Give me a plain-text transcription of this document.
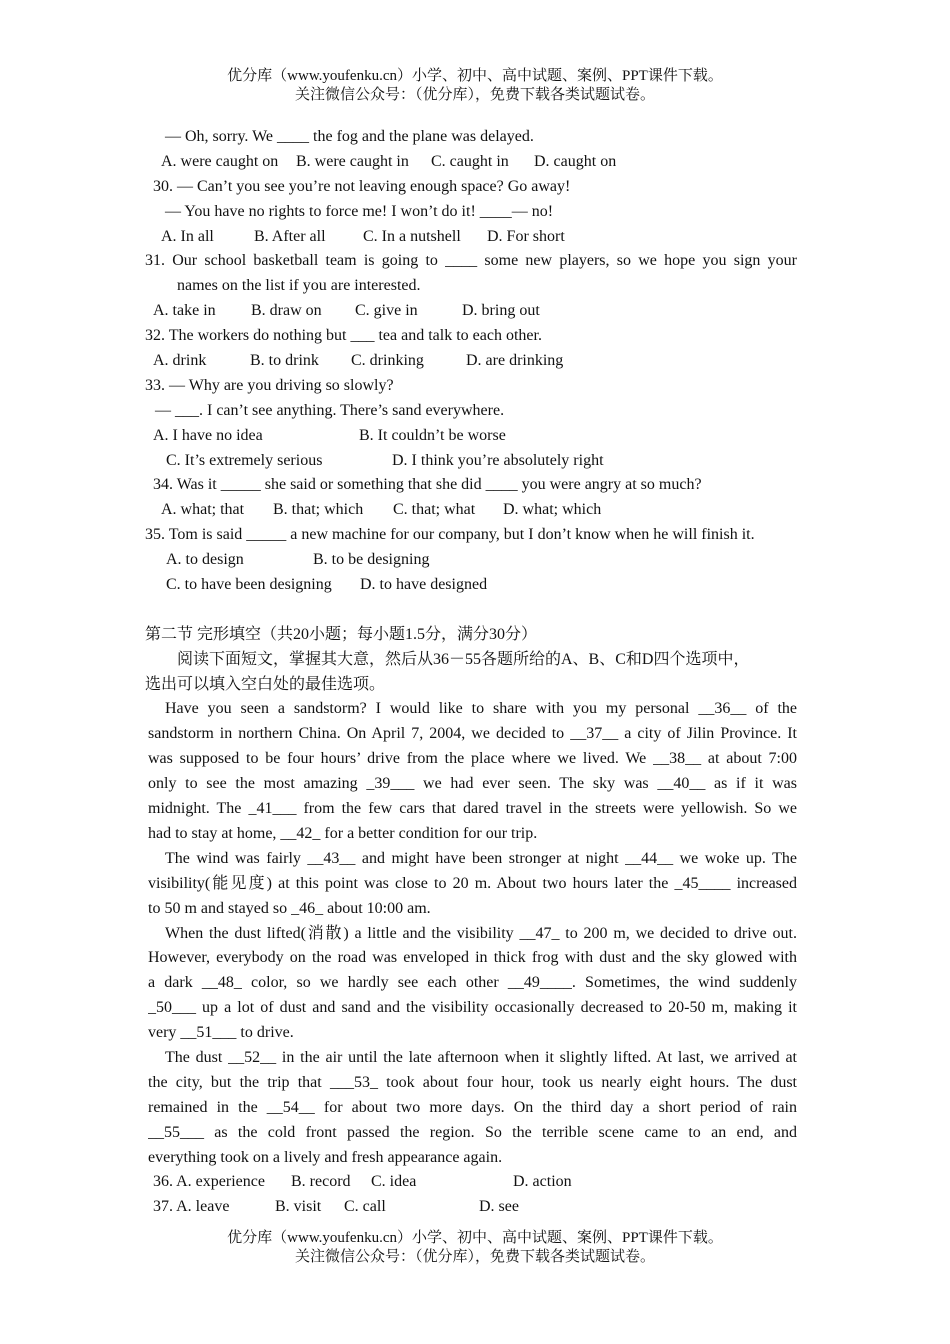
优分库（www.youfenku.cn）小学、初中、高中试题、案例、PPT课件下载。
关注微信公众号：（优分库），免费下载各类试题试卷。
— Oh, sorry. We ____ the fog and the plane was delayed.
A. were caught on B. were caught in C. caught in D. caught on
30. — Can’t you see you’re not leaving enough space? Go away!
— You have no rights to force me! I won’t do it! ____— no!
A. In all	B. After all C. In a nutshell D. For short
31. Our school basketball team is going to ____ some new players, so we hope you sign your
names on the list if you are interested.
A. take in B. draw on C. give in	D. bring out
32. The workers do nothing but ___ tea and talk to each other.
A. drink	B. to drink C. drinking	D. are drinking
33. — Why are you driving so slowly?
— ___. I can’t see anything. There’s sand everywhere.
A. I have no idea	B. It couldn’t be worse
C. It’s extremely serious	D. I think you’re absolutely right
34. Was it _____ she said or something that she did ____ you were angry at so much?
A. what; that B. that; which C. that; what D. what; which
35. Tom is said _____ a new machine for our company, but I don’t know when he will finish it.
A. to design	B. to be designing
C. to have been designing D. to have designed
第二节 完形填空（共20小题；每小题1.5分，满分30分）
阅读下面短文，掌握其大意，然后从36－55各题所给的A、B、C和D四个选项中，
选出可以填入空白处的最佳选项。
Have you seen a sandstorm? I would like to share with you my personal __36__ of the
sandstorm in northern China. On April 7, 2004, we decided to __37__ a city of Jilin Province. It
was supposed to be four hours’ drive from the place where we lived. We __38__ at about 7:00
only to see the most amazing _39___ we had ever seen. The sky was __40__ as if it was
midnight. The _41___ from the few cars that dared travel in the streets were yellowish. So we
had to stay at home, __42_ for a better condition for our trip.
The wind was fairly __43__ and might have been stronger at night __44__ we woke up. The
visibility(能见度) at this point was close to 20 m. About two hours later the _45____ increased
to 50 m and stayed so _46_ about 10:00 am.
When the dust lifted(消散) a little and the visibility __47_ to 200 m, we decided to drive out.
However, everybody on the road was enveloped in thick frog with dust and the sky glowed with
a dark __48_ color, so we hardly see each other __49____. Sometimes, the wind suddenly
_50___ up a lot of dust and sand and the visibility occasionally decreased to 20-50 m, making it
very __51___ to drive.
The dust __52__ in the air until the late afternoon when it slightly lifted. At last, we arrived at
the city, but the trip that ___53_ took about four hour, took us nearly eight hours. The dust
remained in the __54__ for about two more days. On the third day a short period of rain
__55___ as the cold front passed the region. So the terrible scene came to an end, and
everything took on a lively and fresh appearance again.
36. A. experience B. record C. idea	D. action
37. A. leave	B. visit C. call	D. see
优分库（www.youfenku.cn）小学、初中、高中试题、案例、PPT课件下载。
关注微信公众号：（优分库），免费下载各类试题试卷。
